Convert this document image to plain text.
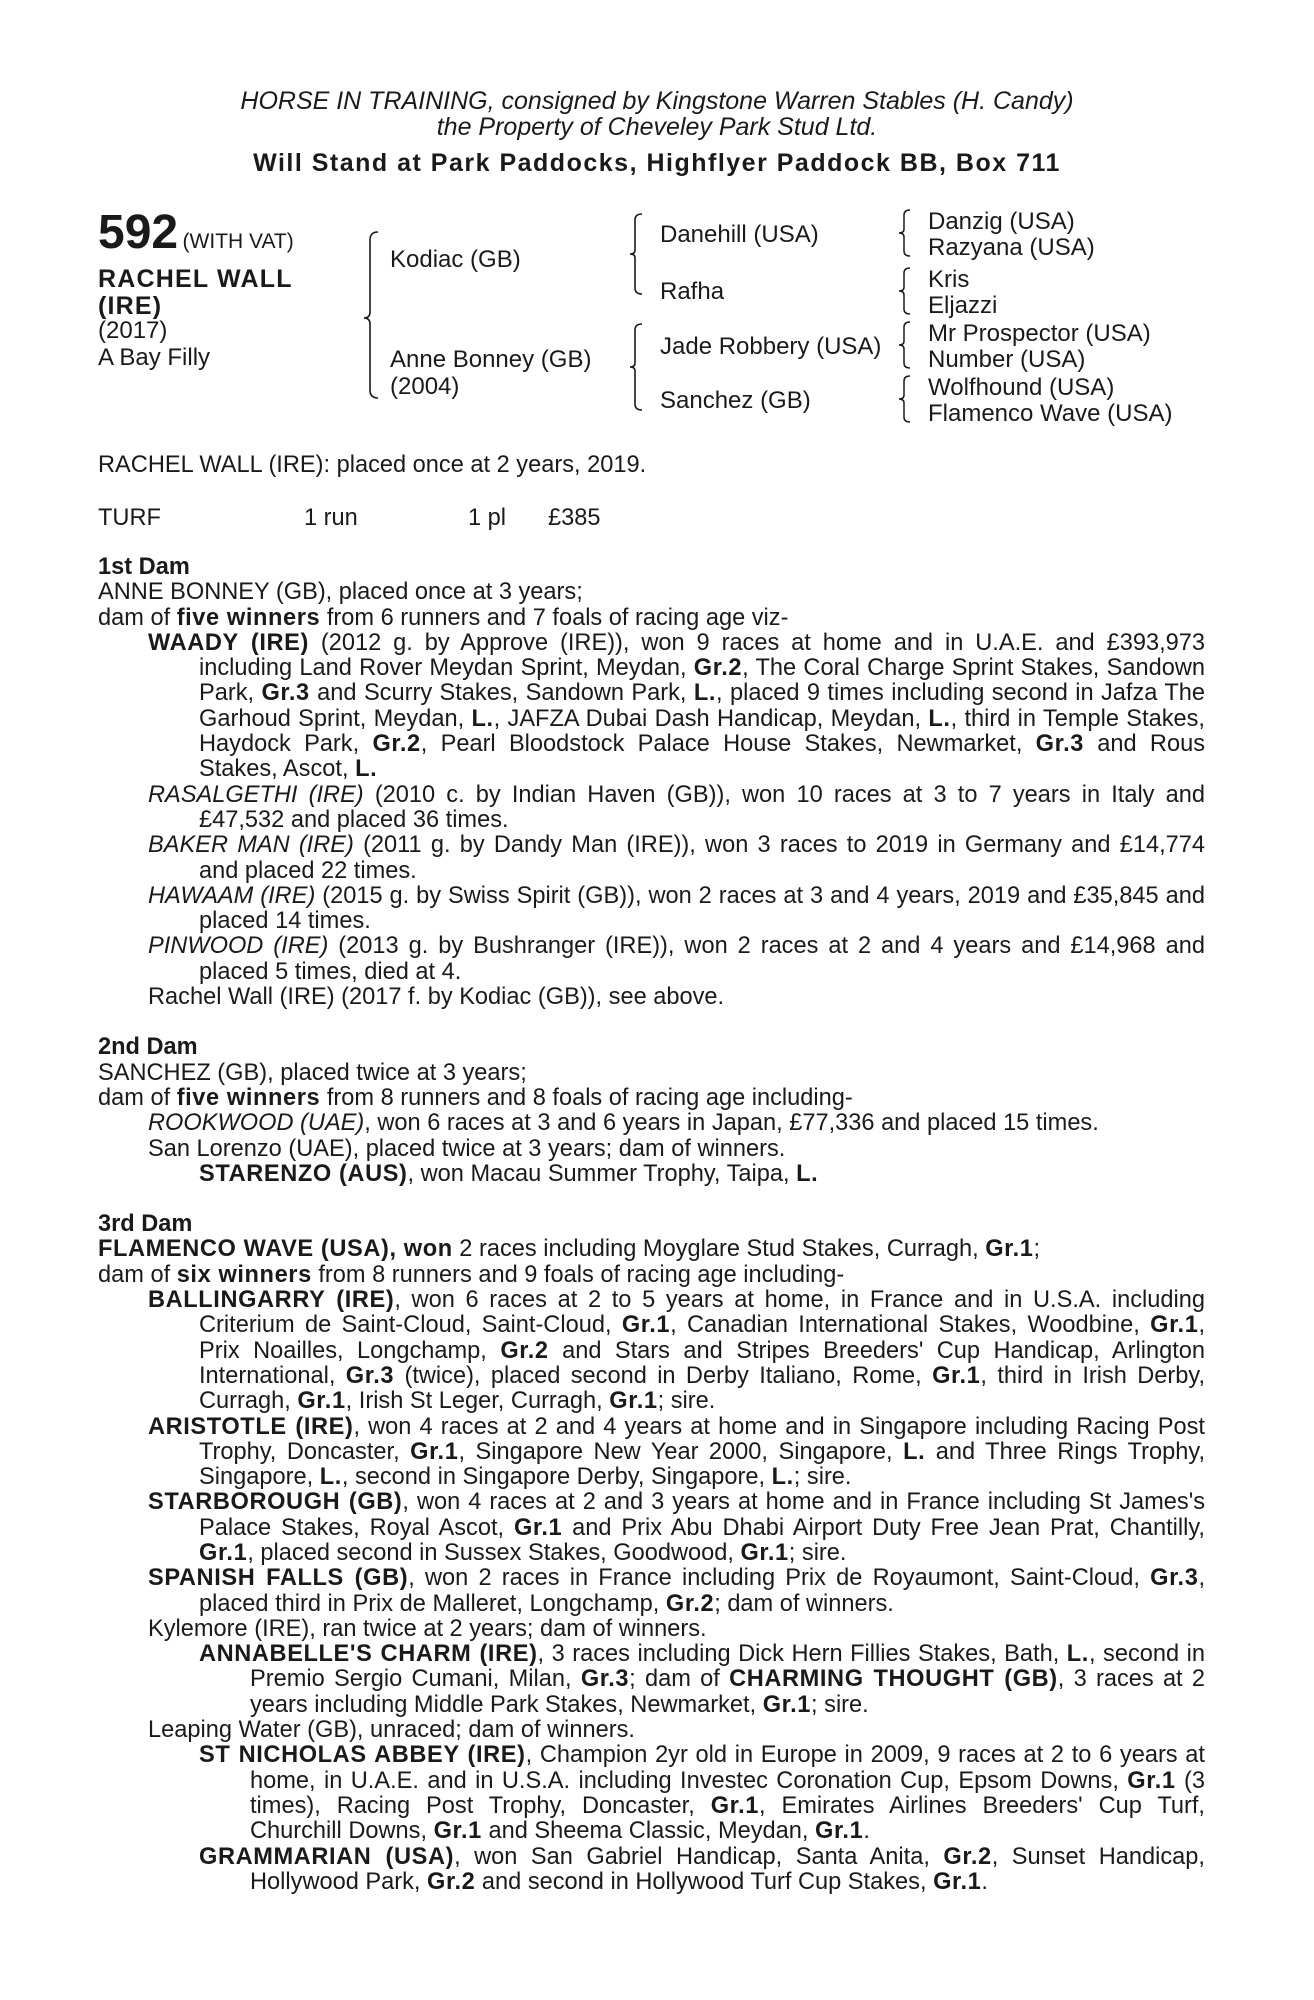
HORSE IN TRAINING, consigned by Kingstone Warren Stables (H. Candy)
the Property of Cheveley Park Stud Ltd.
Will Stand at Park Paddocks, Highflyer Paddock BB, Box 711
592 (WITH VAT)
RACHEL WALL
(IRE)
(2017)
A Bay Filly
Kodiac (GB)
Anne Bonney (GB)
(2004)
Danehill (USA)
Rafha
Jade Robbery (USA)
Sanchez (GB)
Danzig (USA)
Razyana (USA)
Kris
Eljazzi
Mr Prospector (USA)
Number (USA)
Wolfhound (USA)
Flamenco Wave (USA)
RACHEL WALL (IRE): placed once at 2 years, 2019.
TURF	1 run	1 pl £385
1st Dam

ANNE BONNEY (GB), placed once at 3 years;

dam of five winners from 6 runners and 7 foals of racing age viz-

WAADY (IRE) (2012 g. by Approve (IRE)), won 9 races at home and in U.A.E. and £393,973 including Land Rover Meydan Sprint, Meydan, Gr.2, The Coral Charge Sprint Stakes, Sandown Park, Gr.3 and Scurry Stakes, Sandown Park, L., placed 9 times including second in Jafza The Garhoud Sprint, Meydan, L., JAFZA Dubai Dash Handicap, Meydan, L., third in Temple Stakes, Haydock Park, Gr.2, Pearl Bloodstock Palace House Stakes, Newmarket, Gr.3 and Rous Stakes, Ascot, L.

RASALGETHI (IRE) (2010 c. by Indian Haven (GB)), won 10 races at 3 to 7 years in Italy and £47,532 and placed 36 times.

BAKER MAN (IRE) (2011 g. by Dandy Man (IRE)), won 3 races to 2019 in Germany and £14,774 and placed 22 times.

HAWAAM (IRE) (2015 g. by Swiss Spirit (GB)), won 2 races at 3 and 4 years, 2019 and £35,845 and placed 14 times.

PINWOOD (IRE) (2013 g. by Bushranger (IRE)), won 2 races at 2 and 4 years and £14,968 and placed 5 times, died at 4.

Rachel Wall (IRE) (2017 f. by Kodiac (GB)), see above.

2nd Dam

SANCHEZ (GB), placed twice at 3 years;

dam of five winners from 8 runners and 8 foals of racing age including-

ROOKWOOD (UAE), won 6 races at 3 and 6 years in Japan, £77,336 and placed 15 times.

San Lorenzo (UAE), placed twice at 3 years; dam of winners.

STARENZO (AUS), won Macau Summer Trophy, Taipa, L.

3rd Dam

FLAMENCO WAVE (USA), won 2 races including Moyglare Stud Stakes, Curragh, Gr.1;

dam of six winners from 8 runners and 9 foals of racing age including-

BALLINGARRY (IRE), won 6 races at 2 to 5 years at home, in France and in U.S.A. including Criterium de Saint-Cloud, Saint-Cloud, Gr.1, Canadian International Stakes, Woodbine, Gr.1, Prix Noailles, Longchamp, Gr.2 and Stars and Stripes Breeders' Cup Handicap, Arlington International, Gr.3 (twice), placed second in Derby Italiano, Rome, Gr.1, third in Irish Derby, Curragh, Gr.1, Irish St Leger, Curragh, Gr.1; sire.

ARISTOTLE (IRE), won 4 races at 2 and 4 years at home and in Singapore including Racing Post Trophy, Doncaster, Gr.1, Singapore New Year 2000, Singapore, L. and Three Rings Trophy, Singapore, L., second in Singapore Derby, Singapore, L.; sire.

STARBOROUGH (GB), won 4 races at 2 and 3 years at home and in France including St James's Palace Stakes, Royal Ascot, Gr.1 and Prix Abu Dhabi Airport Duty Free Jean Prat, Chantilly, Gr.1, placed second in Sussex Stakes, Goodwood, Gr.1; sire.

SPANISH FALLS (GB), won 2 races in France including Prix de Royaumont, Saint-Cloud, Gr.3, placed third in Prix de Malleret, Longchamp, Gr.2; dam of winners.

Kylemore (IRE), ran twice at 2 years; dam of winners.

ANNABELLE'S CHARM (IRE), 3 races including Dick Hern Fillies Stakes, Bath, L., second in Premio Sergio Cumani, Milan, Gr.3; dam of CHARMING THOUGHT (GB), 3 races at 2 years including Middle Park Stakes, Newmarket, Gr.1; sire.

Leaping Water (GB), unraced; dam of winners.

ST NICHOLAS ABBEY (IRE), Champion 2yr old in Europe in 2009, 9 races at 2 to 6 years at home, in U.A.E. and in U.S.A. including Investec Coronation Cup, Epsom Downs, Gr.1 (3 times), Racing Post Trophy, Doncaster, Gr.1, Emirates Airlines Breeders' Cup Turf, Churchill Downs, Gr.1 and Sheema Classic, Meydan, Gr.1.

GRAMMARIAN (USA), won San Gabriel Handicap, Santa Anita, Gr.2, Sunset Handicap, Hollywood Park, Gr.2 and second in Hollywood Turf Cup Stakes, Gr.1.
